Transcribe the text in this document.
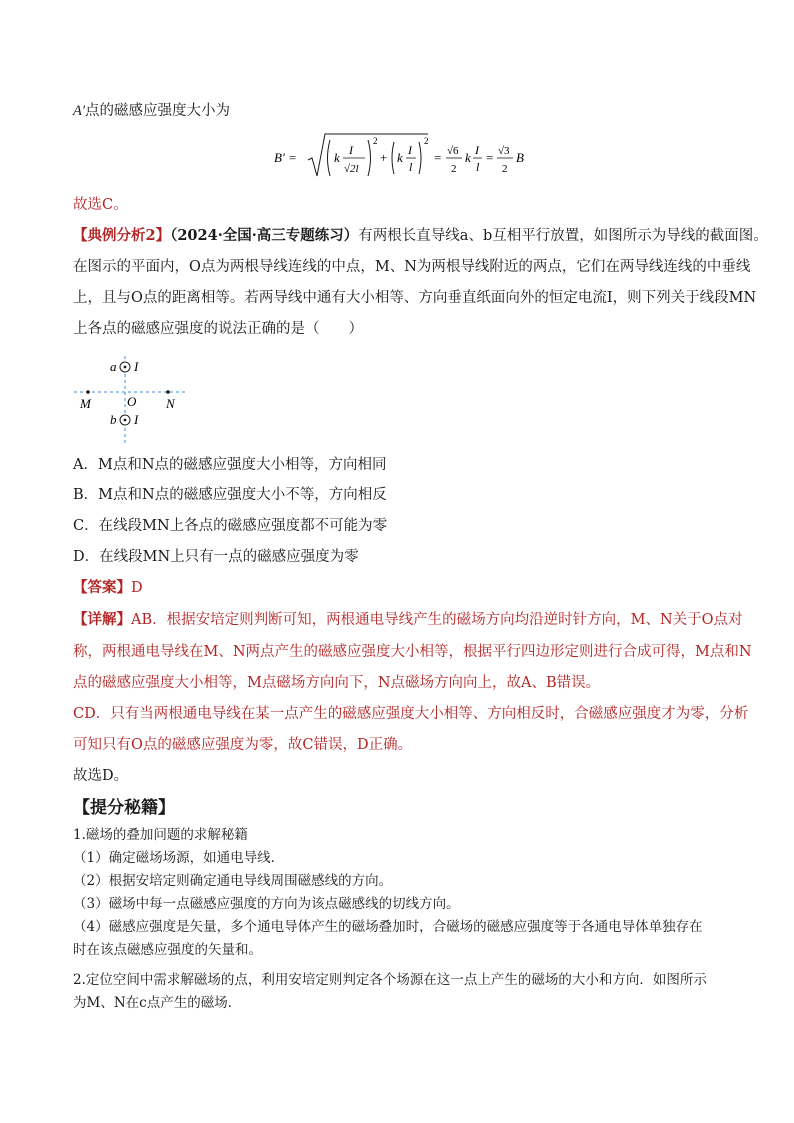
A′点的磁感应强度大小为
B′ =	k I
√2l
2
+ k I
l
2
= √6
2
k I
l
= √3
2
B
故选C。
【典例分析2】（2024·全国·高三专题练习）有两根长直导线a、b互相平行放置，如图所示为导线的截面图。
在图示的平面内，O点为两根导线连线的中点，M、N为两根导线附近的两点，它们在两导线连线的中垂线
上，且与O点的距离相等。若两导线中通有大小相等、方向垂直纸面向外的恒定电流I，则下列关于线段MN
上各点的磁感应强度的说法正确的是（　　）
a I
b I
M	N
O
A．M点和N点的磁感应强度大小相等，方向相同
B．M点和N点的磁感应强度大小不等，方向相反
C．在线段MN上各点的磁感应强度都不可能为零
D．在线段MN上只有一点的磁感应强度为零
【答案】D
【详解】AB．根据安培定则判断可知，两根通电导线产生的磁场方向均沿逆时针方向，M、N关于O点对
称，两根通电导线在M、N两点产生的磁感应强度大小相等，根据平行四边形定则进行合成可得，M点和N
点的磁感应强度大小相等，M点磁场方向向下，N点磁场方向向上，故A、B错误。
CD．只有当两根通电导线在某一点产生的磁感应强度大小相等、方向相反时，合磁感应强度才为零，分析
可知只有O点的磁感应强度为零，故C错误，D正确。
故选D。
【提分秘籍】
1.磁场的叠加问题的求解秘籍
（1）确定磁场场源，如通电导线．
（2）根据安培定则确定通电导线周围磁感线的方向。
（3）磁场中每一点磁感应强度的方向为该点磁感线的切线方向。
（4）磁感应强度是矢量，多个通电导体产生的磁场叠加时，合磁场的磁感应强度等于各通电导体单独存在
时在该点磁感应强度的矢量和。
2.定位空间中需求解磁场的点，利用安培定则判定各个场源在这一点上产生的磁场的大小和方向．如图所示
为M、N在c点产生的磁场．
